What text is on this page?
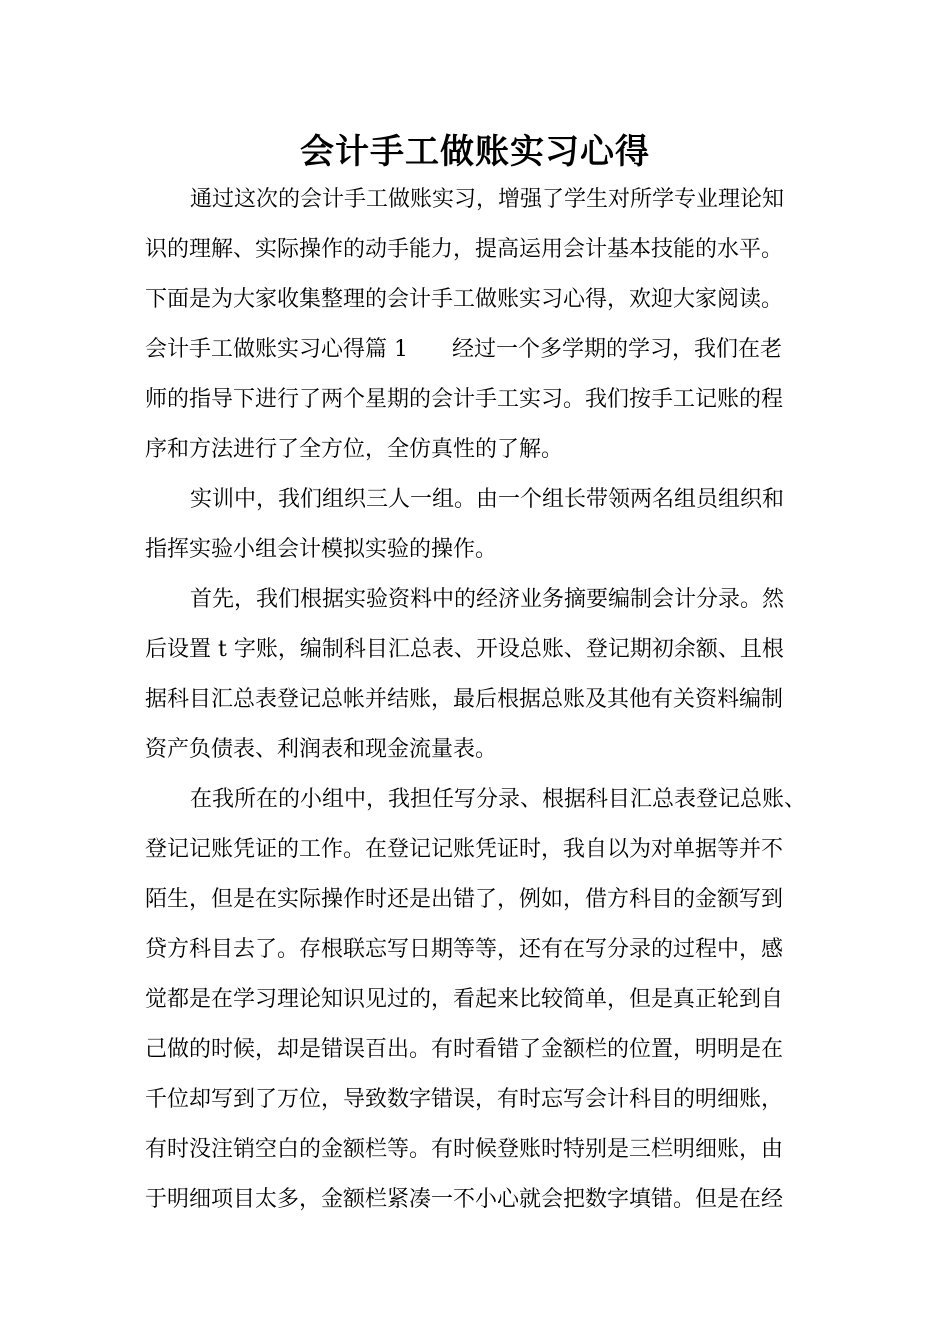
会计手工做账实习心得
通过这次的会计手工做账实习，增强了学生对所学专业理论知
识的理解、实际操作的动手能力，提高运用会计基本技能的水平。
下面是为大家收集整理的会计手工做账实习心得，欢迎大家阅读。
会计手工做账实习心得篇 1　　经过一个多学期的学习，我们在老
师的指导下进行了两个星期的会计手工实习。我们按手工记账的程
序和方法进行了全方位，全仿真性的了解。
实训中，我们组织三人一组。由一个组长带领两名组员组织和
指挥实验小组会计模拟实验的操作。
首先，我们根据实验资料中的经济业务摘要编制会计分录。然
后设置 t 字账，编制科目汇总表、开设总账、登记期初余额、且根
据科目汇总表登记总帐并结账，最后根据总账及其他有关资料编制
资产负债表、利润表和现金流量表。
在我所在的小组中，我担任写分录、根据科目汇总表登记总账、
登记记账凭证的工作。在登记记账凭证时，我自以为对单据等并不
陌生，但是在实际操作时还是出错了，例如，借方科目的金额写到
贷方科目去了。存根联忘写日期等等，还有在写分录的过程中，感
觉都是在学习理论知识见过的，看起来比较简单，但是真正轮到自
己做的时候，却是错误百出。有时看错了金额栏的位置，明明是在
千位却写到了万位，导致数字错误，有时忘写会计科目的明细账，
有时没注销空白的金额栏等。有时候登账时特别是三栏明细账，由
于明细项目太多，金额栏紧凑一不小心就会把数字填错。但是在经
